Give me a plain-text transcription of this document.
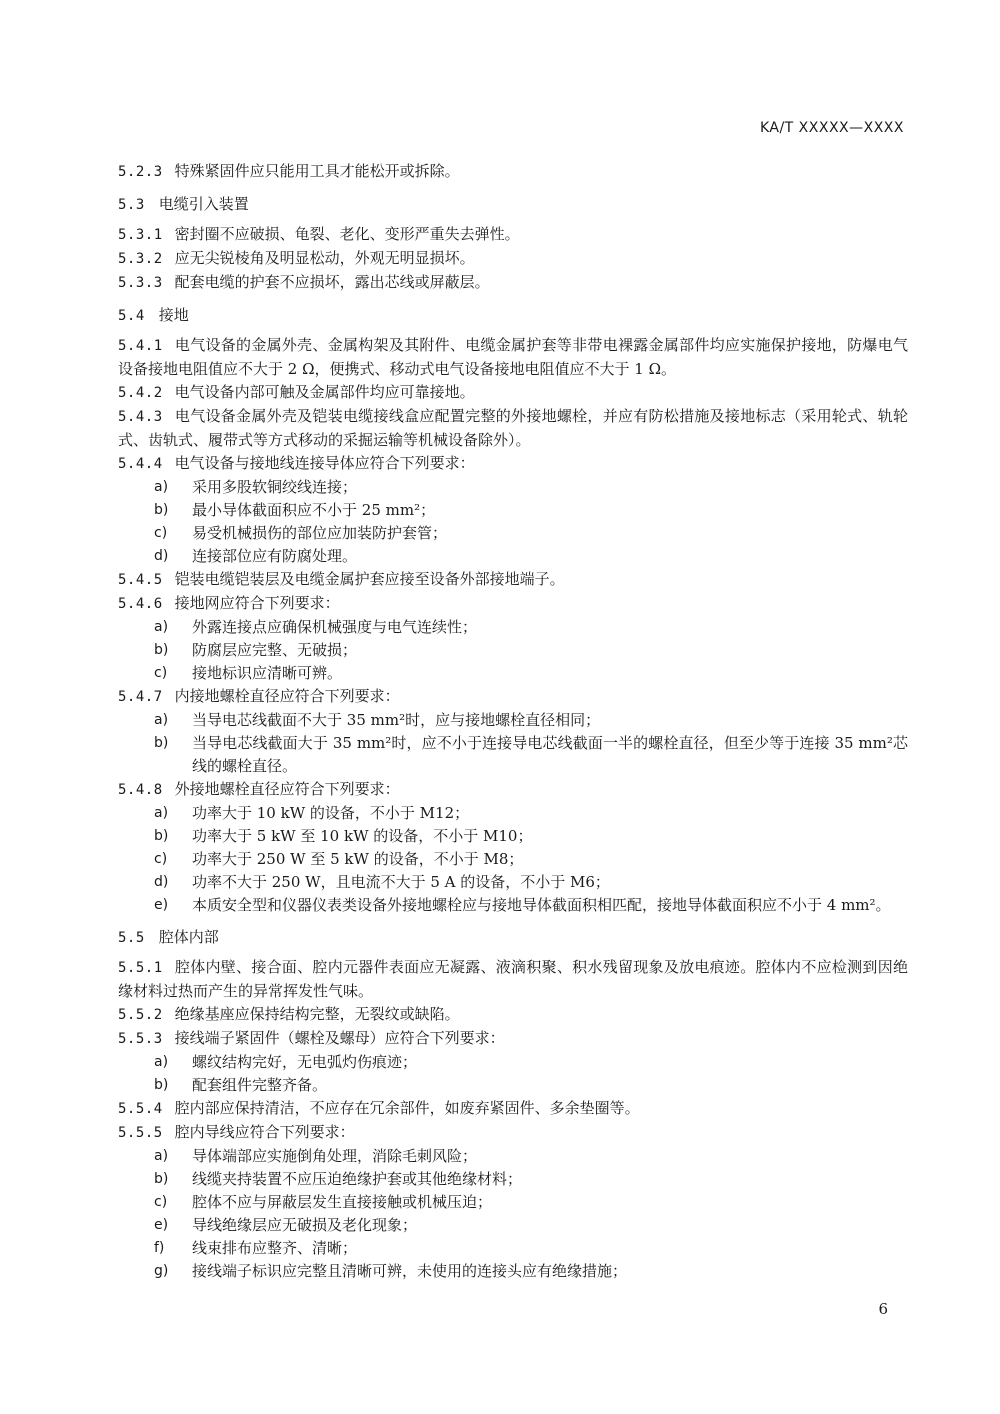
KA/T XXXXX—XXXX
5.2.3 特殊紧固件应只能用工具才能松开或拆除。
5.3 电缆引入装置
5.3.1 密封圈不应破损、龟裂、老化、变形严重失去弹性。
5.3.2 应无尖锐棱角及明显松动，外观无明显损坏。
5.3.3 配套电缆的护套不应损坏，露出芯线或屏蔽层。
5.4 接地
5.4.1 电气设备的金属外壳、金属构架及其附件、电缆金属护套等非带电裸露金属部件均应实施保护接地，防爆电气设备接地电阻值应不大于 2 Ω，便携式、移动式电气设备接地电阻值应不大于 1 Ω。
5.4.2 电气设备内部可触及金属部件均应可靠接地。
5.4.3 电气设备金属外壳及铠装电缆接线盒应配置完整的外接地螺栓，并应有防松措施及接地标志（采用轮式、轨轮式、齿轨式、履带式等方式移动的采掘运输等机械设备除外）。
5.4.4 电气设备与接地线连接导体应符合下列要求：
a)	采用多股软铜绞线连接；
b)	最小导体截面积应不小于 25 mm²；
c)	易受机械损伤的部位应加装防护套管；
d)	连接部位应有防腐处理。
5.4.5 铠装电缆铠装层及电缆金属护套应接至设备外部接地端子。
5.4.6 接地网应符合下列要求：
a)	外露连接点应确保机械强度与电气连续性；
b)	防腐层应完整、无破损；
c)	接地标识应清晰可辨。
5.4.7 内接地螺栓直径应符合下列要求：
a)	当导电芯线截面不大于 35 mm²时，应与接地螺栓直径相同；
b)	当导电芯线截面大于 35 mm²时，应不小于连接导电芯线截面一半的螺栓直径，但至少等于连接 35 mm²芯线的螺栓直径。
5.4.8 外接地螺栓直径应符合下列要求：
a)	功率大于 10 kW 的设备，不小于 M12；
b)	功率大于 5 kW 至 10 kW 的设备，不小于 M10；
c)	功率大于 250 W 至 5 kW 的设备，不小于 M8；
d)	功率不大于 250 W，且电流不大于 5 A 的设备，不小于 M6；
e)	本质安全型和仪器仪表类设备外接地螺栓应与接地导体截面积相匹配，接地导体截面积应不小于 4 mm²。
5.5 腔体内部
5.5.1 腔体内壁、接合面、腔内元器件表面应无凝露、液滴积聚、积水残留现象及放电痕迹。腔体内不应检测到因绝缘材料过热而产生的异常挥发性气味。
5.5.2 绝缘基座应保持结构完整，无裂纹或缺陷。
5.5.3 接线端子紧固件（螺栓及螺母）应符合下列要求：
a)	螺纹结构完好，无电弧灼伤痕迹；
b)	配套组件完整齐备。
5.5.4 腔内部应保持清洁，不应存在冗余部件，如废弃紧固件、多余垫圈等。
5.5.5 腔内导线应符合下列要求：
a)	导体端部应实施倒角处理，消除毛刺风险；
b)	线缆夹持装置不应压迫绝缘护套或其他绝缘材料；
c)	腔体不应与屏蔽层发生直接接触或机械压迫；
e)	导线绝缘层应无破损及老化现象；
f)	线束排布应整齐、清晰；
g)	接线端子标识应完整且清晰可辨，未使用的连接头应有绝缘措施；
6
